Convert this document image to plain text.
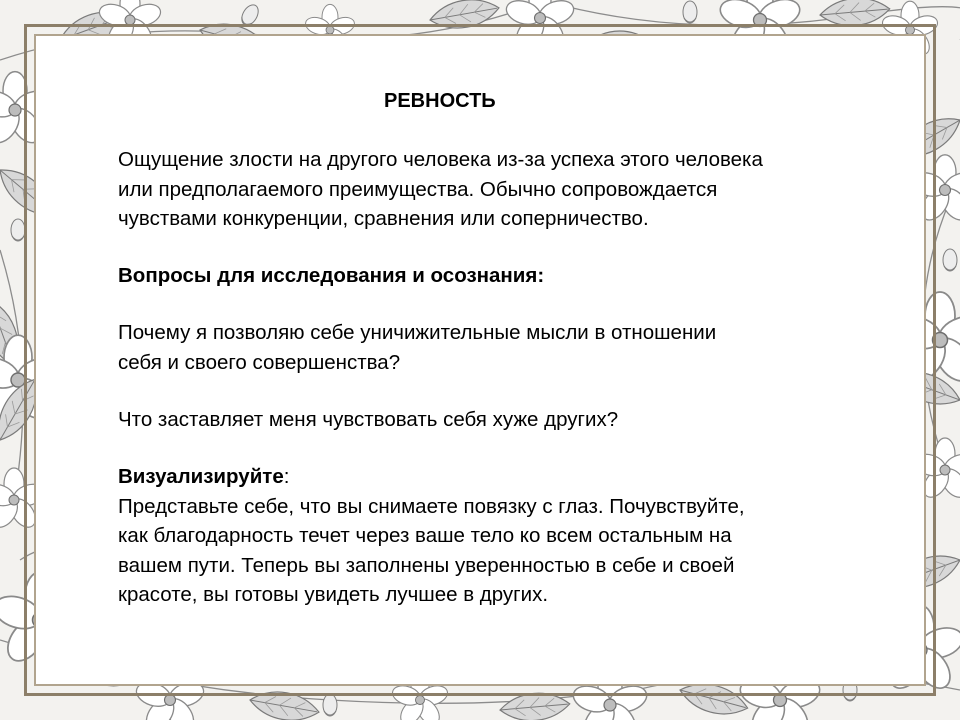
РЕВНОСТЬ
Ощущение злости на другого человека из-за успеха этого человека
или предполагаемого преимущества. Обычно сопровождается
чувствами конкуренции, сравнения или соперничество.
Вопросы для исследования и осознания:
Почему я позволяю себе уничижительные мысли в отношении
себя и своего совершенства?
Что заставляет меня чувствовать себя хуже других?
Визуализируйте:
Представьте себе, что вы снимаете повязку с глаз. Почувствуйте,
как благодарность течет через ваше тело ко всем остальным на
вашем пути. Теперь вы заполнены уверенностью в себе и своей
красоте, вы готовы увидеть лучшее в других.
